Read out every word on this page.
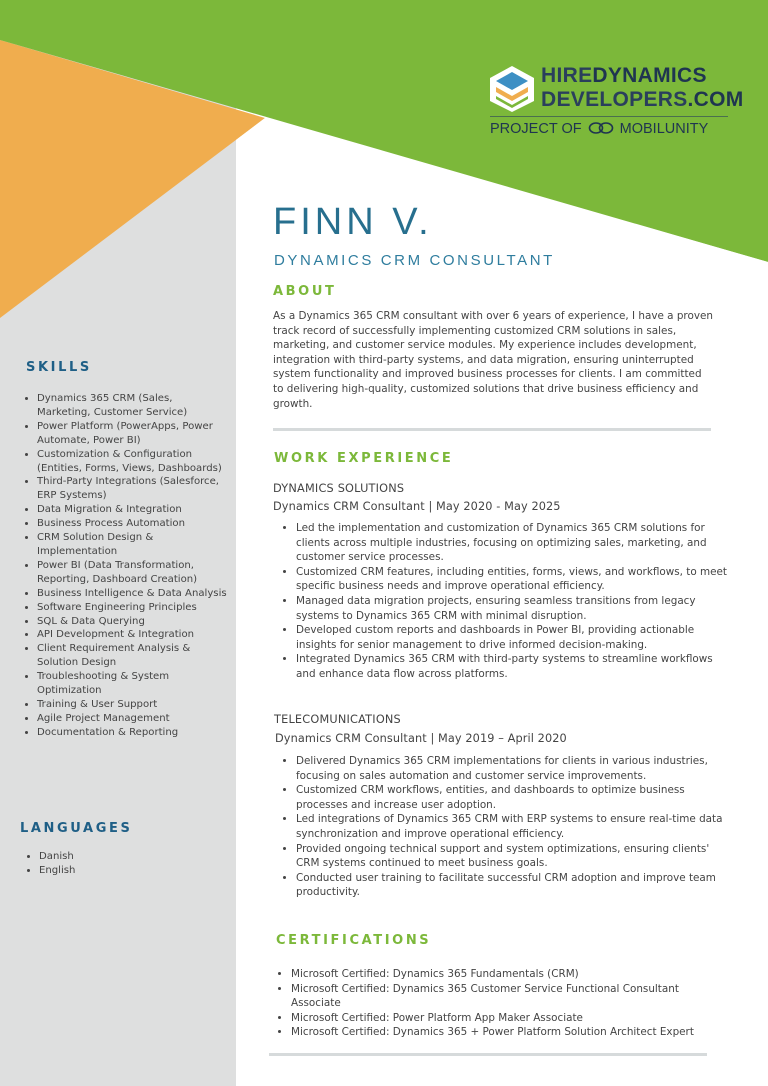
HIREDYNAMICS
DEVELOPERS.COM
PROJECT OF	MOBILUNITY
FINN V.
DYNAMICS CRM CONSULTANT
ABOUT

As a Dynamics 365 CRM consultant with over 6 years of experience, I have a proven track record of successfully implementing customized CRM solutions in sales, marketing, and customer service modules. My experience includes development, integration with third-party systems, and data migration, ensuring uninterrupted system functionality and improved business processes for clients. I am committed to delivering high-quality, customized solutions that drive business efficiency and growth.

WORK EXPERIENCE
DYNAMICS SOLUTIONS
Dynamics CRM Consultant | May 2020 - May 2025
• Led the implementation and customization of Dynamics 365 CRM solutions for clients across multiple industries, focusing on optimizing sales, marketing, and customer service processes.
• Customized CRM features, including entities, forms, views, and workflows, to meet specific business needs and improve operational efficiency.
• Managed data migration projects, ensuring seamless transitions from legacy systems to Dynamics 365 CRM with minimal disruption.
• Developed custom reports and dashboards in Power BI, providing actionable insights for senior management to drive informed decision-making.
• Integrated Dynamics 365 CRM with third-party systems to streamline workflows and enhance data flow across platforms.
TELECOMUNICATIONS
Dynamics CRM Consultant | May 2019 – April 2020
• Delivered Dynamics 365 CRM implementations for clients in various industries, focusing on sales automation and customer service improvements.
• Customized CRM workflows, entities, and dashboards to optimize business processes and increase user adoption.
• Led integrations of Dynamics 365 CRM with ERP systems to ensure real-time data synchronization and improve operational efficiency.
• Provided ongoing technical support and system optimizations, ensuring clients' CRM systems continued to meet business goals.
• Conducted user training to facilitate successful CRM adoption and improve team productivity.
CERTIFICATIONS
• Microsoft Certified: Dynamics 365 Fundamentals (CRM)
• Microsoft Certified: Dynamics 365 Customer Service Functional Consultant Associate
• Microsoft Certified: Power Platform App Maker Associate
• Microsoft Certified: Dynamics 365 + Power Platform Solution Architect Expert
SKILLS
• Dynamics 365 CRM (Sales, Marketing, Customer Service)
• Power Platform (PowerApps, Power Automate, Power BI)
• Customization & Configuration (Entities, Forms, Views, Dashboards)
• Third-Party Integrations (Salesforce, ERP Systems)
• Data Migration & Integration
• Business Process Automation
• CRM Solution Design & Implementation
• Power BI (Data Transformation, Reporting, Dashboard Creation)
• Business Intelligence & Data Analysis
• Software Engineering Principles
• SQL & Data Querying
• API Development & Integration
• Client Requirement Analysis & Solution Design
• Troubleshooting & System Optimization
• Training & User Support
• Agile Project Management
• Documentation & Reporting
LANGUAGES
• Danish
• English
